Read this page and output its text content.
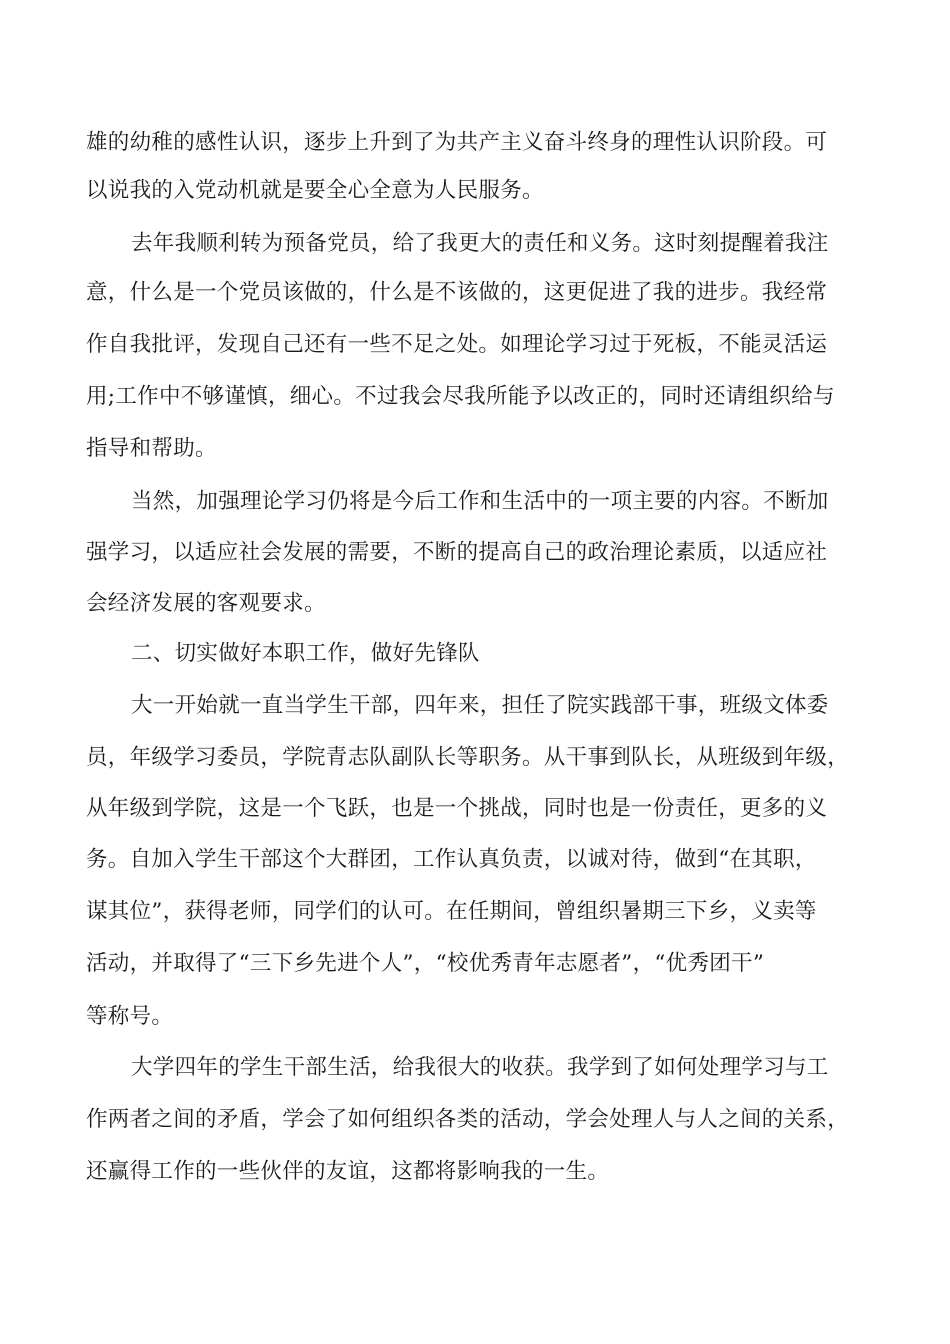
雄的幼稚的感性认识，逐步上升到了为共产主义奋斗终身的理性认识阶段。可
以说我的入党动机就是要全心全意为人民服务。
去年我顺利转为预备党员，给了我更大的责任和义务。这时刻提醒着我注
意，什么是一个党员该做的，什么是不该做的，这更促进了我的进步。我经常
作自我批评，发现自己还有一些不足之处。如理论学习过于死板，不能灵活运
用;工作中不够谨慎，细心。不过我会尽我所能予以改正的，同时还请组织给与
指导和帮助。
当然，加强理论学习仍将是今后工作和生活中的一项主要的内容。不断加
强学习，以适应社会发展的需要，不断的提高自己的政治理论素质，以适应社
会经济发展的客观要求。
二、切实做好本职工作，做好先锋队
大一开始就一直当学生干部，四年来，担任了院实践部干事，班级文体委
员，年级学习委员，学院青志队副队长等职务。从干事到队长，从班级到年级，
从年级到学院，这是一个飞跃，也是一个挑战，同时也是一份责任，更多的义
务。自加入学生干部这个大群团，工作认真负责，以诚对待，做到“在其职，
谋其位”，获得老师，同学们的认可。在任期间，曾组织暑期三下乡，义卖等
活动，并取得了“三下乡先进个人”，“校优秀青年志愿者”，“优秀团干”
等称号。
大学四年的学生干部生活，给我很大的收获。我学到了如何处理学习与工
作两者之间的矛盾，学会了如何组织各类的活动，学会处理人与人之间的关系，
还赢得工作的一些伙伴的友谊，这都将影响我的一生。
